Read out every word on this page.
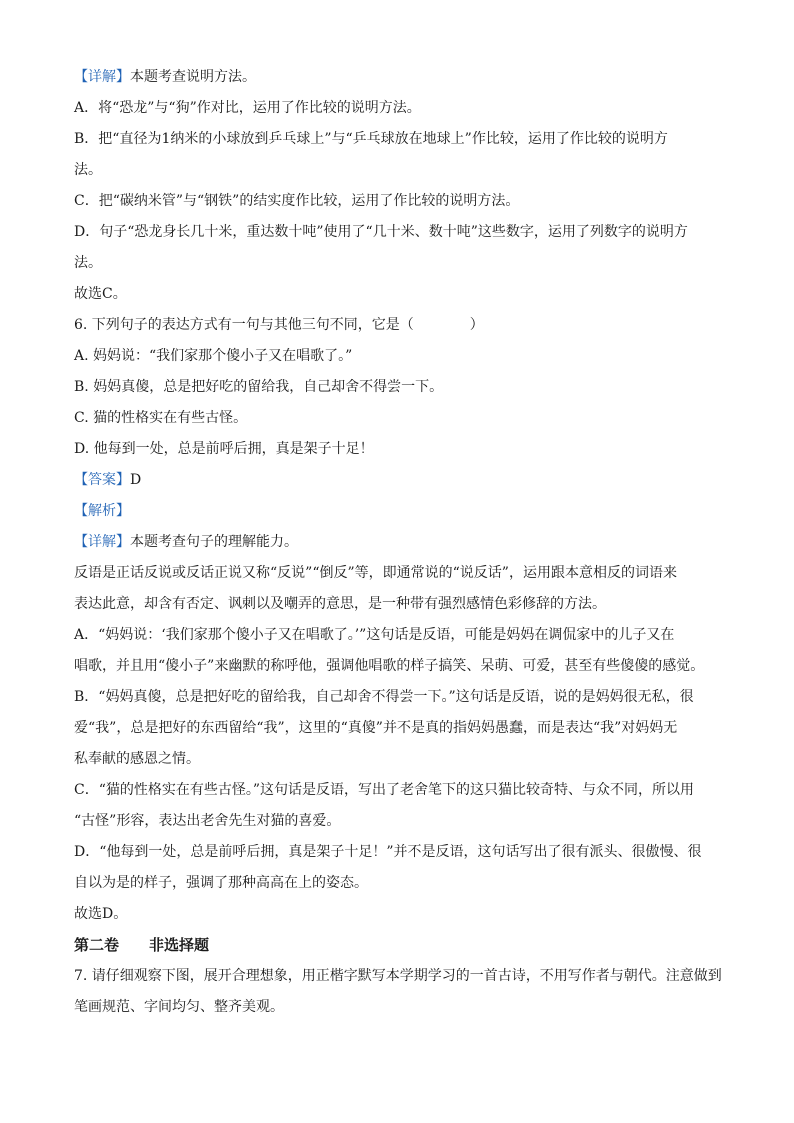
【详解】本题考查说明方法。
A．将“恐龙”与“狗”作对比，运用了作比较的说明方法。
B．把“直径为1纳米的小球放到乒乓球上”与“乒乓球放在地球上”作比较，运用了作比较的说明方
法。
C．把“碳纳米管”与“钢铁”的结实度作比较，运用了作比较的说明方法。
D．句子“恐龙身长几十米，重达数十吨”使用了“几十米、数十吨”这些数字，运用了列数字的说明方
法。
故选C。
6. 下列句子的表达方式有一句与其他三句不同，它是（　　　　）
A. 妈妈说：“我们家那个傻小子又在唱歌了。”
B. 妈妈真傻，总是把好吃的留给我，自己却舍不得尝一下。
C. 猫的性格实在有些古怪。
D. 他每到一处，总是前呼后拥，真是架子十足！
【答案】D
【解析】
【详解】本题考查句子的理解能力。
反语是正话反说或反话正说又称“反说”“倒反”等，即通常说的“说反话”，运用跟本意相反的词语来
表达此意，却含有否定、讽刺以及嘲弄的意思，是一种带有强烈感情色彩修辞的方法。
A．“妈妈说：‘我们家那个傻小子又在唱歌了。’”这句话是反语，可能是妈妈在调侃家中的儿子又在
唱歌，并且用“傻小子”来幽默的称呼他，强调他唱歌的样子搞笑、呆萌、可爱，甚至有些傻傻的感觉。
B．“妈妈真傻，总是把好吃的留给我，自己却舍不得尝一下。”这句话是反语，说的是妈妈很无私，很
爱“我”，总是把好的东西留给“我”，这里的“真傻”并不是真的指妈妈愚蠢，而是表达“我”对妈妈无
私奉献的感恩之情。
C．“猫的性格实在有些古怪。”这句话是反语，写出了老舍笔下的这只猫比较奇特、与众不同，所以用
“古怪”形容，表达出老舍先生对猫的喜爱。
D．“他每到一处，总是前呼后拥，真是架子十足！”并不是反语，这句话写出了很有派头、很傲慢、很
自以为是的样子，强调了那种高高在上的姿态。
故选D。
第二卷　　非选择题
7. 请仔细观察下图，展开合理想象，用正楷字默写本学期学习的一首古诗，不用写作者与朝代。注意做到
笔画规范、字间均匀、整齐美观。
